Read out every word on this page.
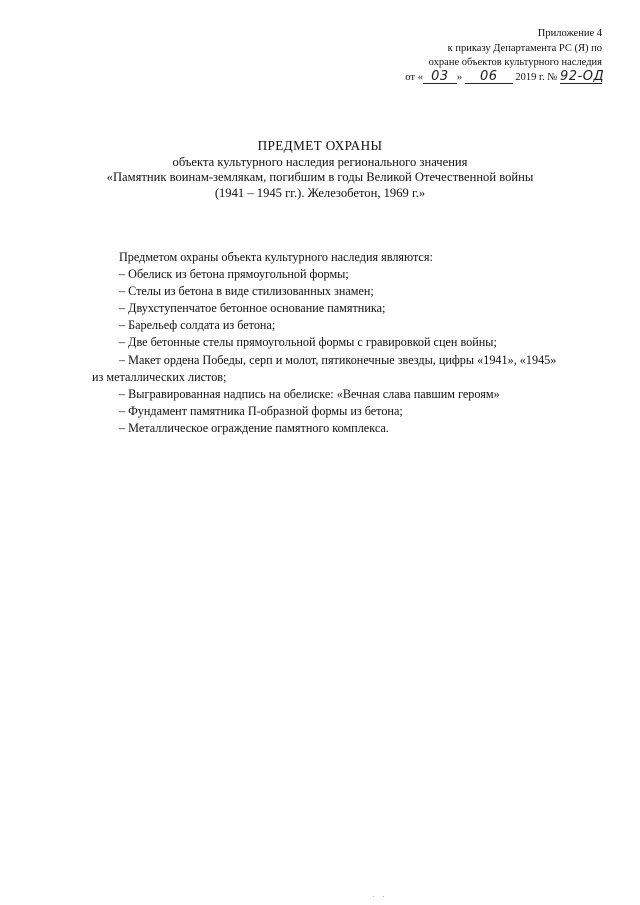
Приложение 4
к приказу Департамента РС (Я) по
охране объектов культурного наследия
от « 03 » 06 2019 г. № 92-ОД
ПРЕДМЕТ ОХРАНЫ
объекта культурного наследия регионального значения
«Памятник воинам-землякам, погибшим в годы Великой Отечественной войны
(1941 – 1945 гг.). Железобетон, 1969 г.»
Предметом охраны объекта культурного наследия являются:
– Обелиск из бетона прямоугольной формы;
– Стелы из бетона в виде стилизованных знамен;
– Двухступенчатое бетонное основание памятника;
– Барельеф солдата из бетона;
– Две бетонные стелы прямоугольной формы с гравировкой сцен войны;
– Макет ордена Победы, серп и молот, пятиконечные звезды, цифры «1941», «1945»
из металлических листов;
– Выгравированная надпись на обелиске: «Вечная слава павшим героям»
– Фундамент памятника П-образной формы из бетона;
– Металлическое ограждение памятного комплекса.
· ·
